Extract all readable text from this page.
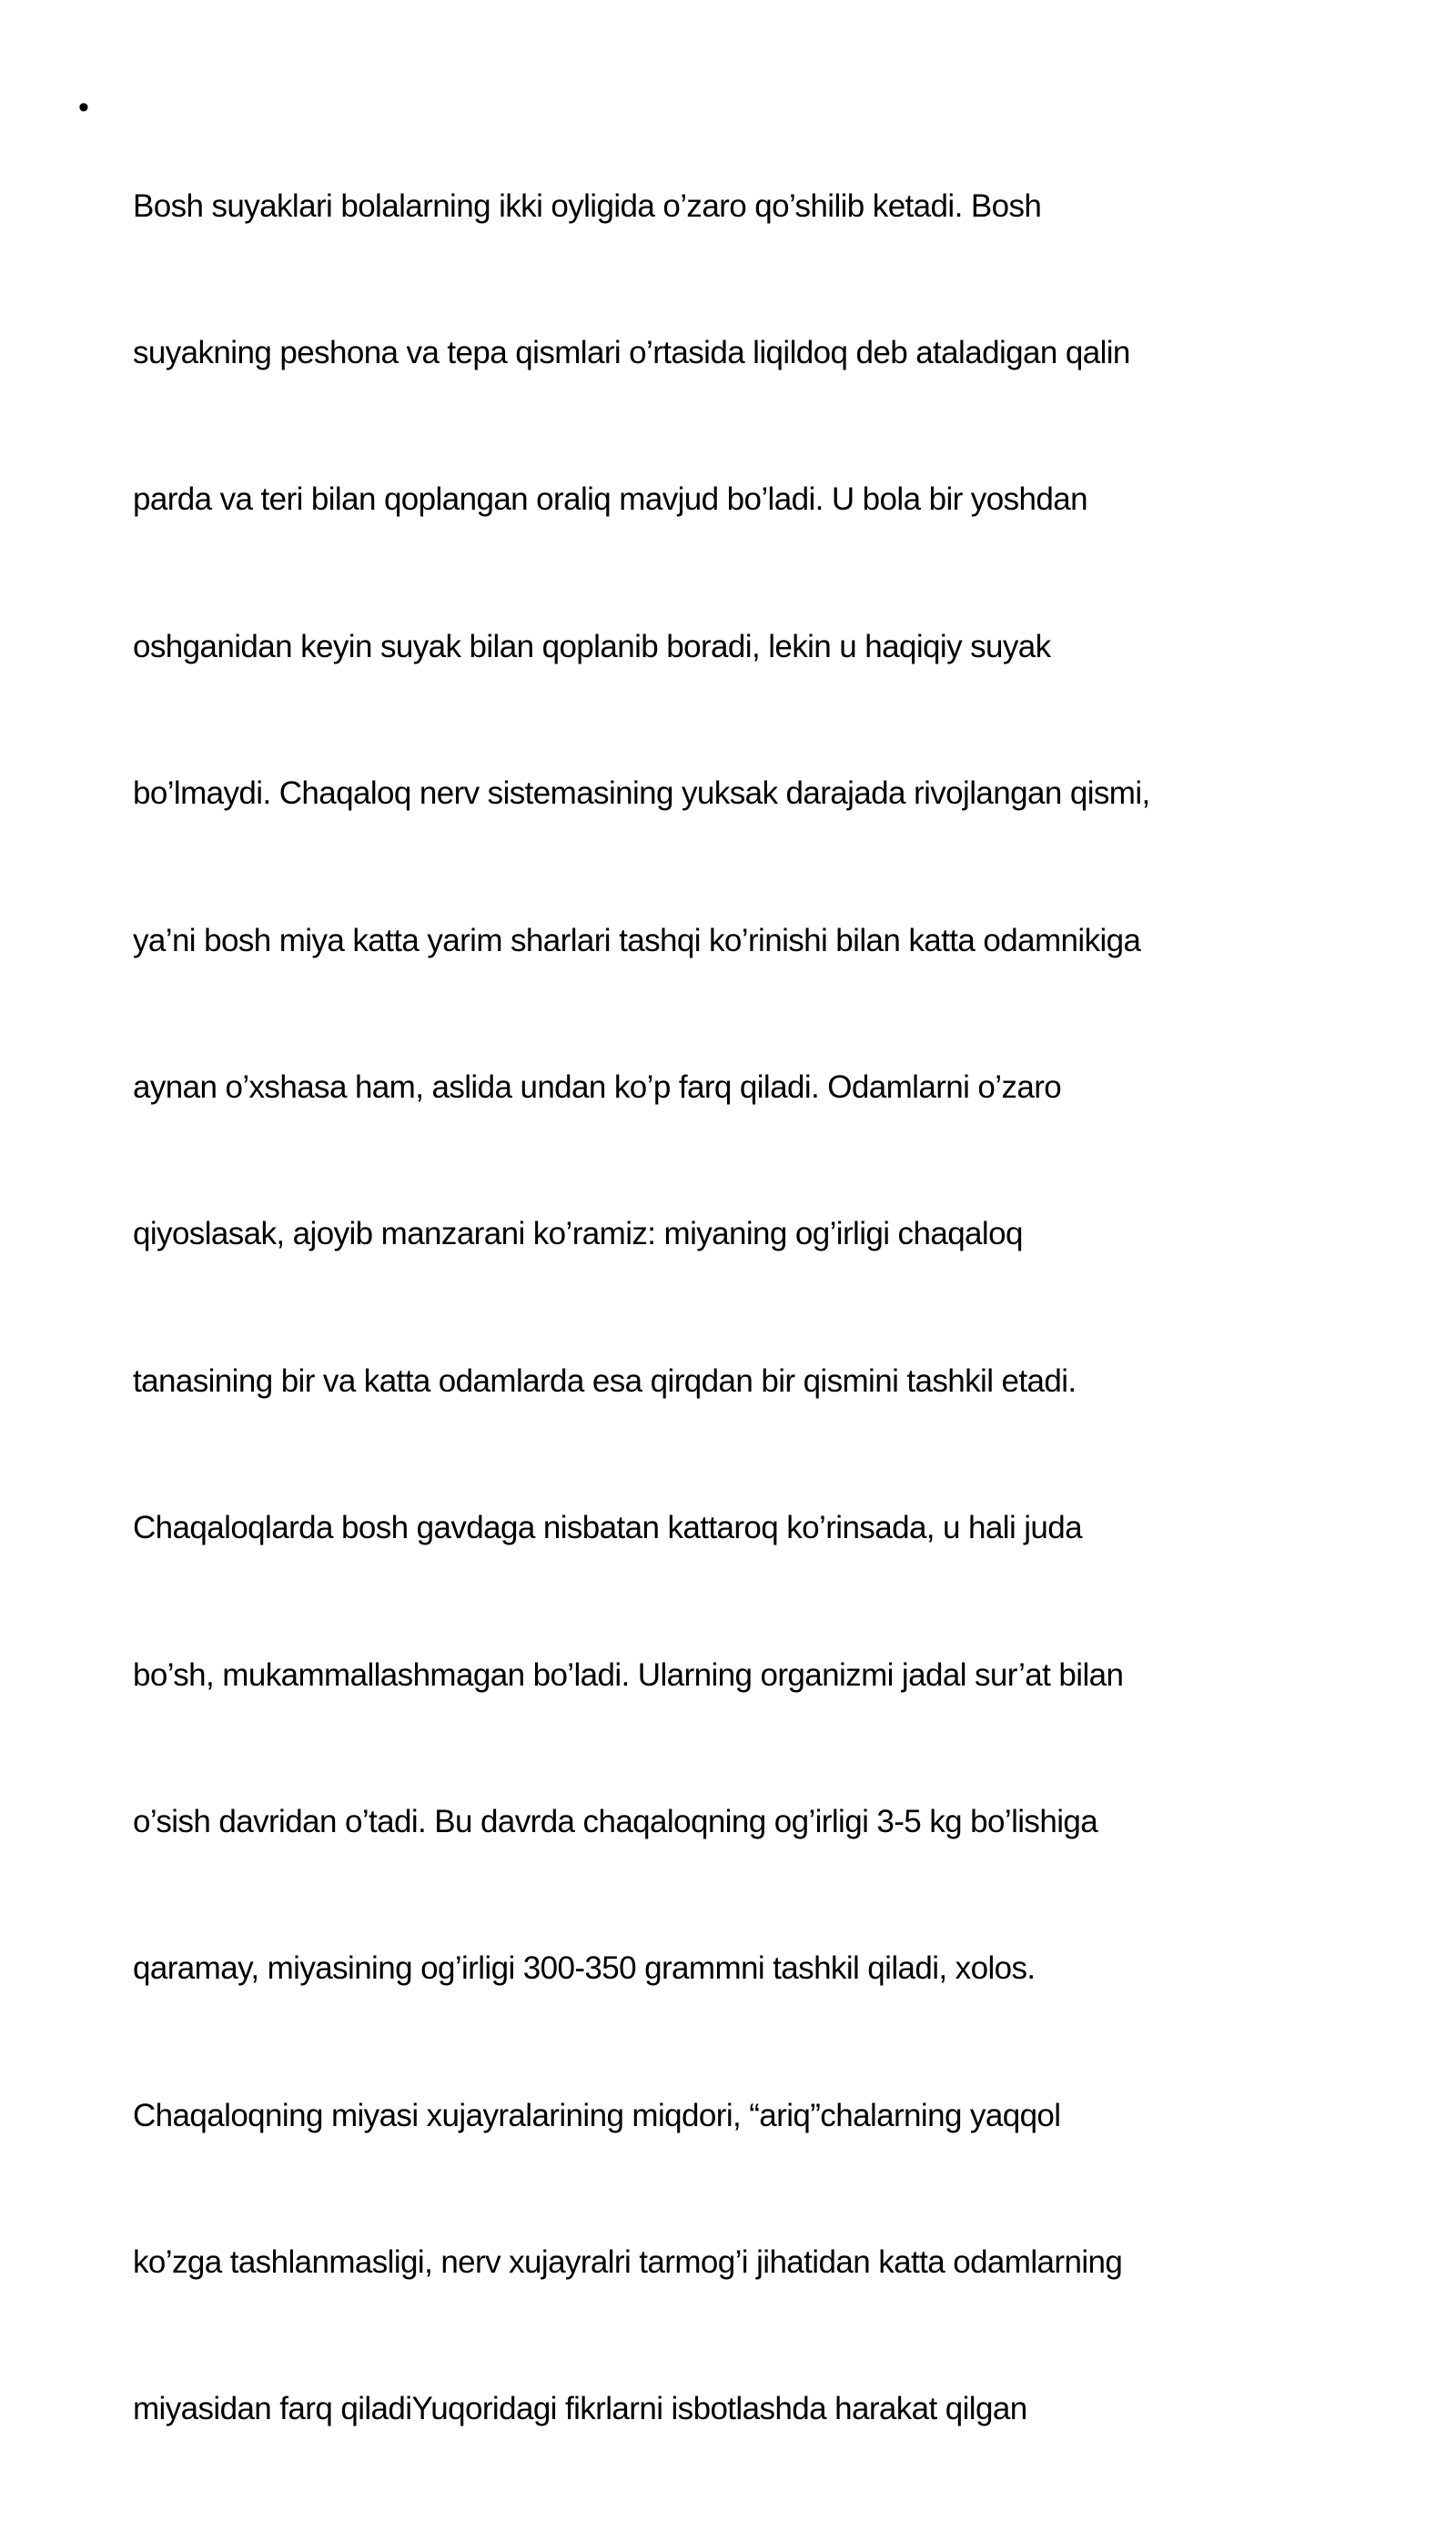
•

Bosh suyaklari bolalarning ikki oyligida o’zaro qo’shilib ketadi. Bosh

suyakning peshona va tepa qismlari o’rtasida liqildoq deb ataladigan qalin

parda va teri bilan qoplangan oraliq mavjud bo’ladi. U bola bir yoshdan

oshganidan keyin suyak bilan qoplanib boradi, lekin u haqiqiy suyak

bo’lmaydi. Chaqaloq nerv sistemasining yuksak darajada rivojlangan qismi,

ya’ni bosh miya katta yarim sharlari tashqi ko’rinishi bilan katta odamnikiga

aynan o’xshasa ham, aslida undan ko’p farq qiladi. Odamlarni o’zaro

qiyoslasak, ajoyib manzarani ko’ramiz: miyaning og’irligi chaqaloq

tanasining bir va katta odamlarda esa qirqdan bir qismini tashkil etadi.

Chaqaloqlarda bosh gavdaga nisbatan kattaroq ko’rinsada, u hali juda

bo’sh, mukammallashmagan bo’ladi. Ularning organizmi jadal sur’at bilan

o’sish davridan o’tadi. Bu davrda chaqaloqning og’irligi 3-5 kg bo’lishiga

qaramay, miyasining og’irligi 300-350 grammni tashkil qiladi, xolos.

Chaqaloqning miyasi xujayralarining miqdori, “ariq”chalarning yaqqol

ko’zga tashlanmasligi, nerv xujayralri tarmog’i jihatidan katta odamlarning

miyasidan farq qiladiYuqoridagi fikrlarni isbotlashda harakat qilgan
